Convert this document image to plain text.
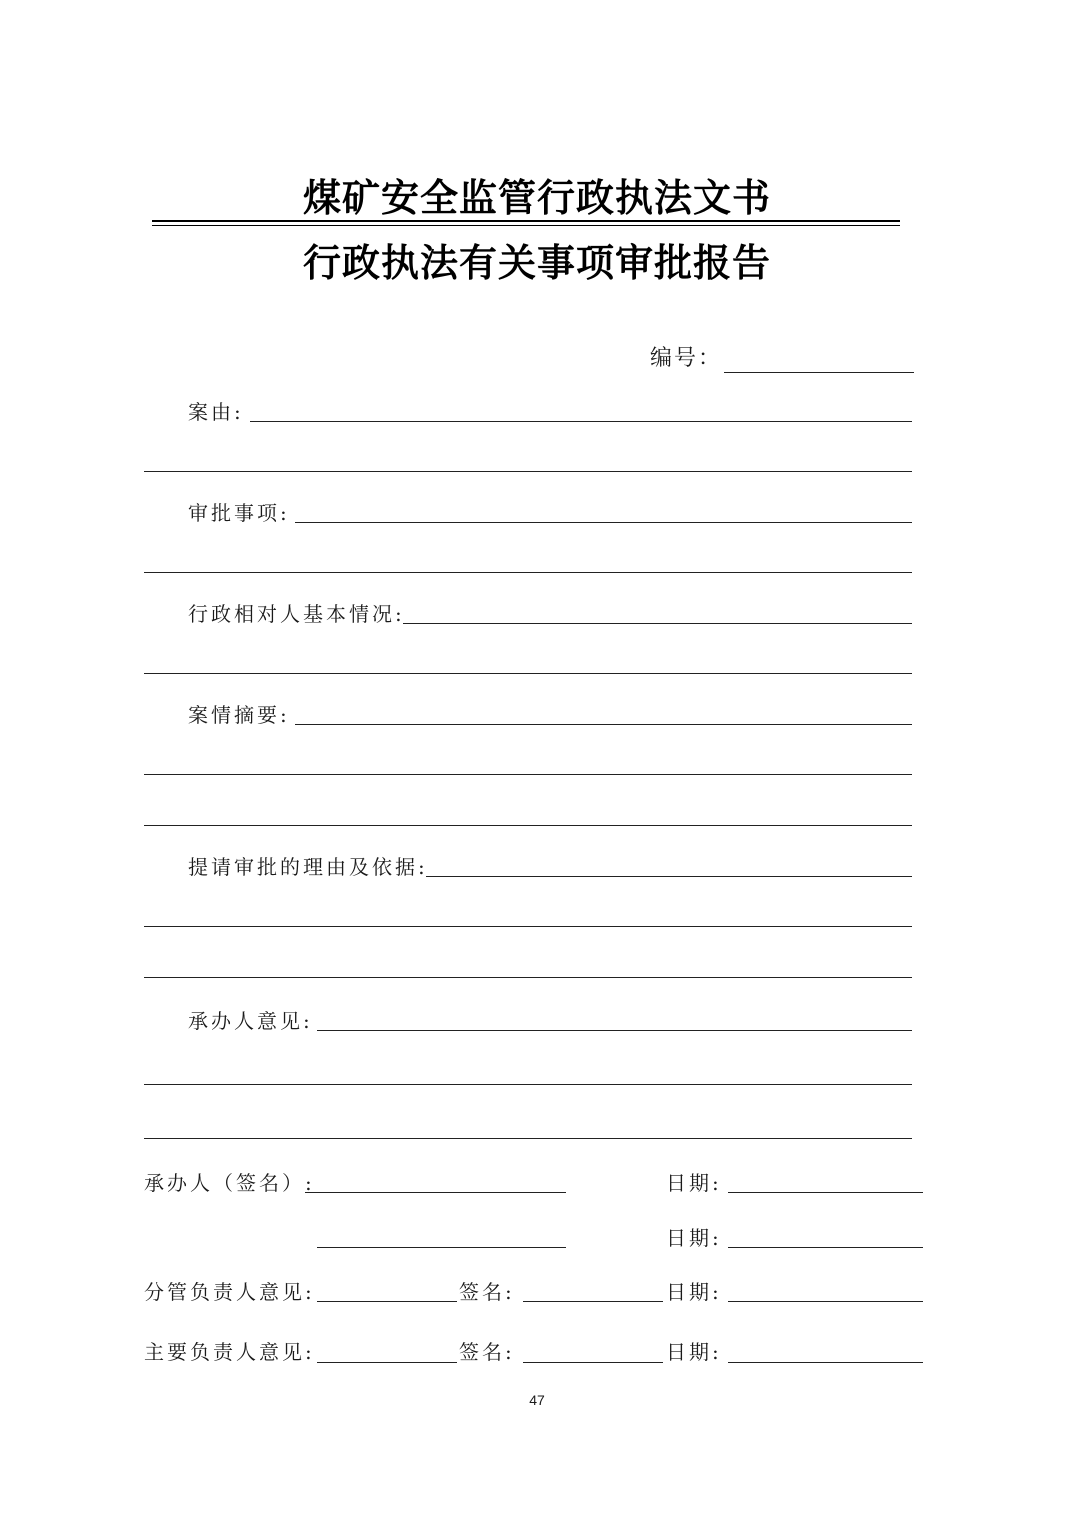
煤矿安全监管行政执法文书
行政执法有关事项审批报告
编号：
案由:
审批事项:
行政相对人基本情况:
案情摘要:
提请审批的理由及依据:
承办人意见:
承办人（签名）:	日期:
日期:
分管负责人意见:	签名:	日期:
主要负责人意见:	签名:	日期:
47
